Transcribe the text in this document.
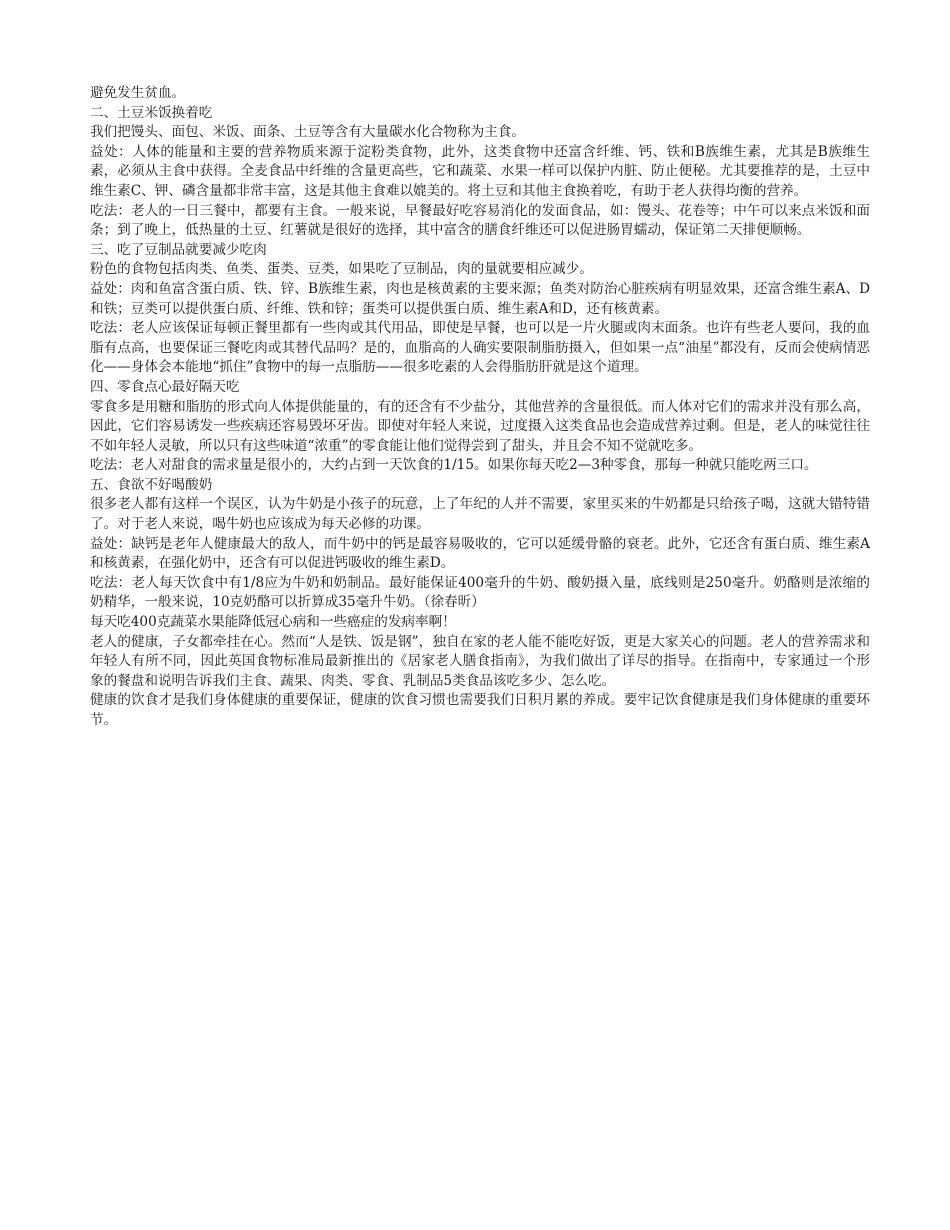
避免发生贫血。

二、土豆米饭换着吃

我们把馒头、面包、米饭、面条、土豆等含有大量碳水化合物称为主食。

益处：人体的能量和主要的营养物质来源于淀粉类食物，此外，这类食物中还富含纤维、钙、铁和B族维生素，尤其是B族维生素，必须从主食中获得。全麦食品中纤维的含量更高些，它和蔬菜、水果一样可以保护内脏、防止便秘。尤其要推荐的是，土豆中维生素C、钾、磷含量都非常丰富，这是其他主食难以媲美的。将土豆和其他主食换着吃，有助于老人获得均衡的营养。

吃法：老人的一日三餐中，都要有主食。一般来说，早餐最好吃容易消化的发面食品，如：馒头、花卷等；中午可以来点米饭和面条；到了晚上，低热量的土豆、红薯就是很好的选择，其中富含的膳食纤维还可以促进肠胃蠕动，保证第二天排便顺畅。

三、吃了豆制品就要减少吃肉

粉色的食物包括肉类、鱼类、蛋类、豆类，如果吃了豆制品，肉的量就要相应减少。

益处：肉和鱼富含蛋白质、铁、锌、B族维生素，肉也是核黄素的主要来源；鱼类对防治心脏疾病有明显效果，还富含维生素A、D和铁；豆类可以提供蛋白质、纤维、铁和锌；蛋类可以提供蛋白质、维生素A和D，还有核黄素。

吃法：老人应该保证每顿正餐里都有一些肉或其代用品，即使是早餐，也可以是一片火腿或肉末面条。也许有些老人要问，我的血脂有点高，也要保证三餐吃肉或其替代品吗？是的，血脂高的人确实要限制脂肪摄入，但如果一点“油星”都没有，反而会使病情恶化——身体会本能地“抓住”食物中的每一点脂肪——很多吃素的人会得脂肪肝就是这个道理。

四、零食点心最好隔天吃

零食多是用糖和脂肪的形式向人体提供能量的，有的还含有不少盐分，其他营养的含量很低。而人体对它们的需求并没有那么高，因此，它们容易诱发一些疾病还容易毁坏牙齿。即使对年轻人来说，过度摄入这类食品也会造成营养过剩。但是，老人的味觉往往不如年轻人灵敏，所以只有这些味道“浓重”的零食能让他们觉得尝到了甜头，并且会不知不觉就吃多。

吃法：老人对甜食的需求量是很小的，大约占到一天饮食的1/15。如果你每天吃2—3种零食，那每一种就只能吃两三口。

五、食欲不好喝酸奶

很多老人都有这样一个误区，认为牛奶是小孩子的玩意，上了年纪的人并不需要，家里买来的牛奶都是只给孩子喝，这就大错特错了。对于老人来说，喝牛奶也应该成为每天必修的功课。

益处：缺钙是老年人健康最大的敌人，而牛奶中的钙是最容易吸收的，它可以延缓骨骼的衰老。此外，它还含有蛋白质、维生素A和核黄素，在强化奶中，还含有可以促进钙吸收的维生素D。

吃法：老人每天饮食中有1/8应为牛奶和奶制品。最好能保证400毫升的牛奶、酸奶摄入量，底线则是250毫升。奶酪则是浓缩的奶精华，一般来说，10克奶酪可以折算成35毫升牛奶。（徐春昕）

每天吃400克蔬菜水果能降低冠心病和一些癌症的发病率啊！

老人的健康，子女都牵挂在心。然而“人是铁、饭是钢”，独自在家的老人能不能吃好饭，更是大家关心的问题。老人的营养需求和年轻人有所不同，因此英国食物标准局最新推出的《居家老人膳食指南》，为我们做出了详尽的指导。在指南中，专家通过一个形象的餐盘和说明告诉我们主食、蔬果、肉类、零食、乳制品5类食品该吃多少、怎么吃。

健康的饮食才是我们身体健康的重要保证，健康的饮食习惯也需要我们日积月累的养成。要牢记饮食健康是我们身体健康的重要环节。
